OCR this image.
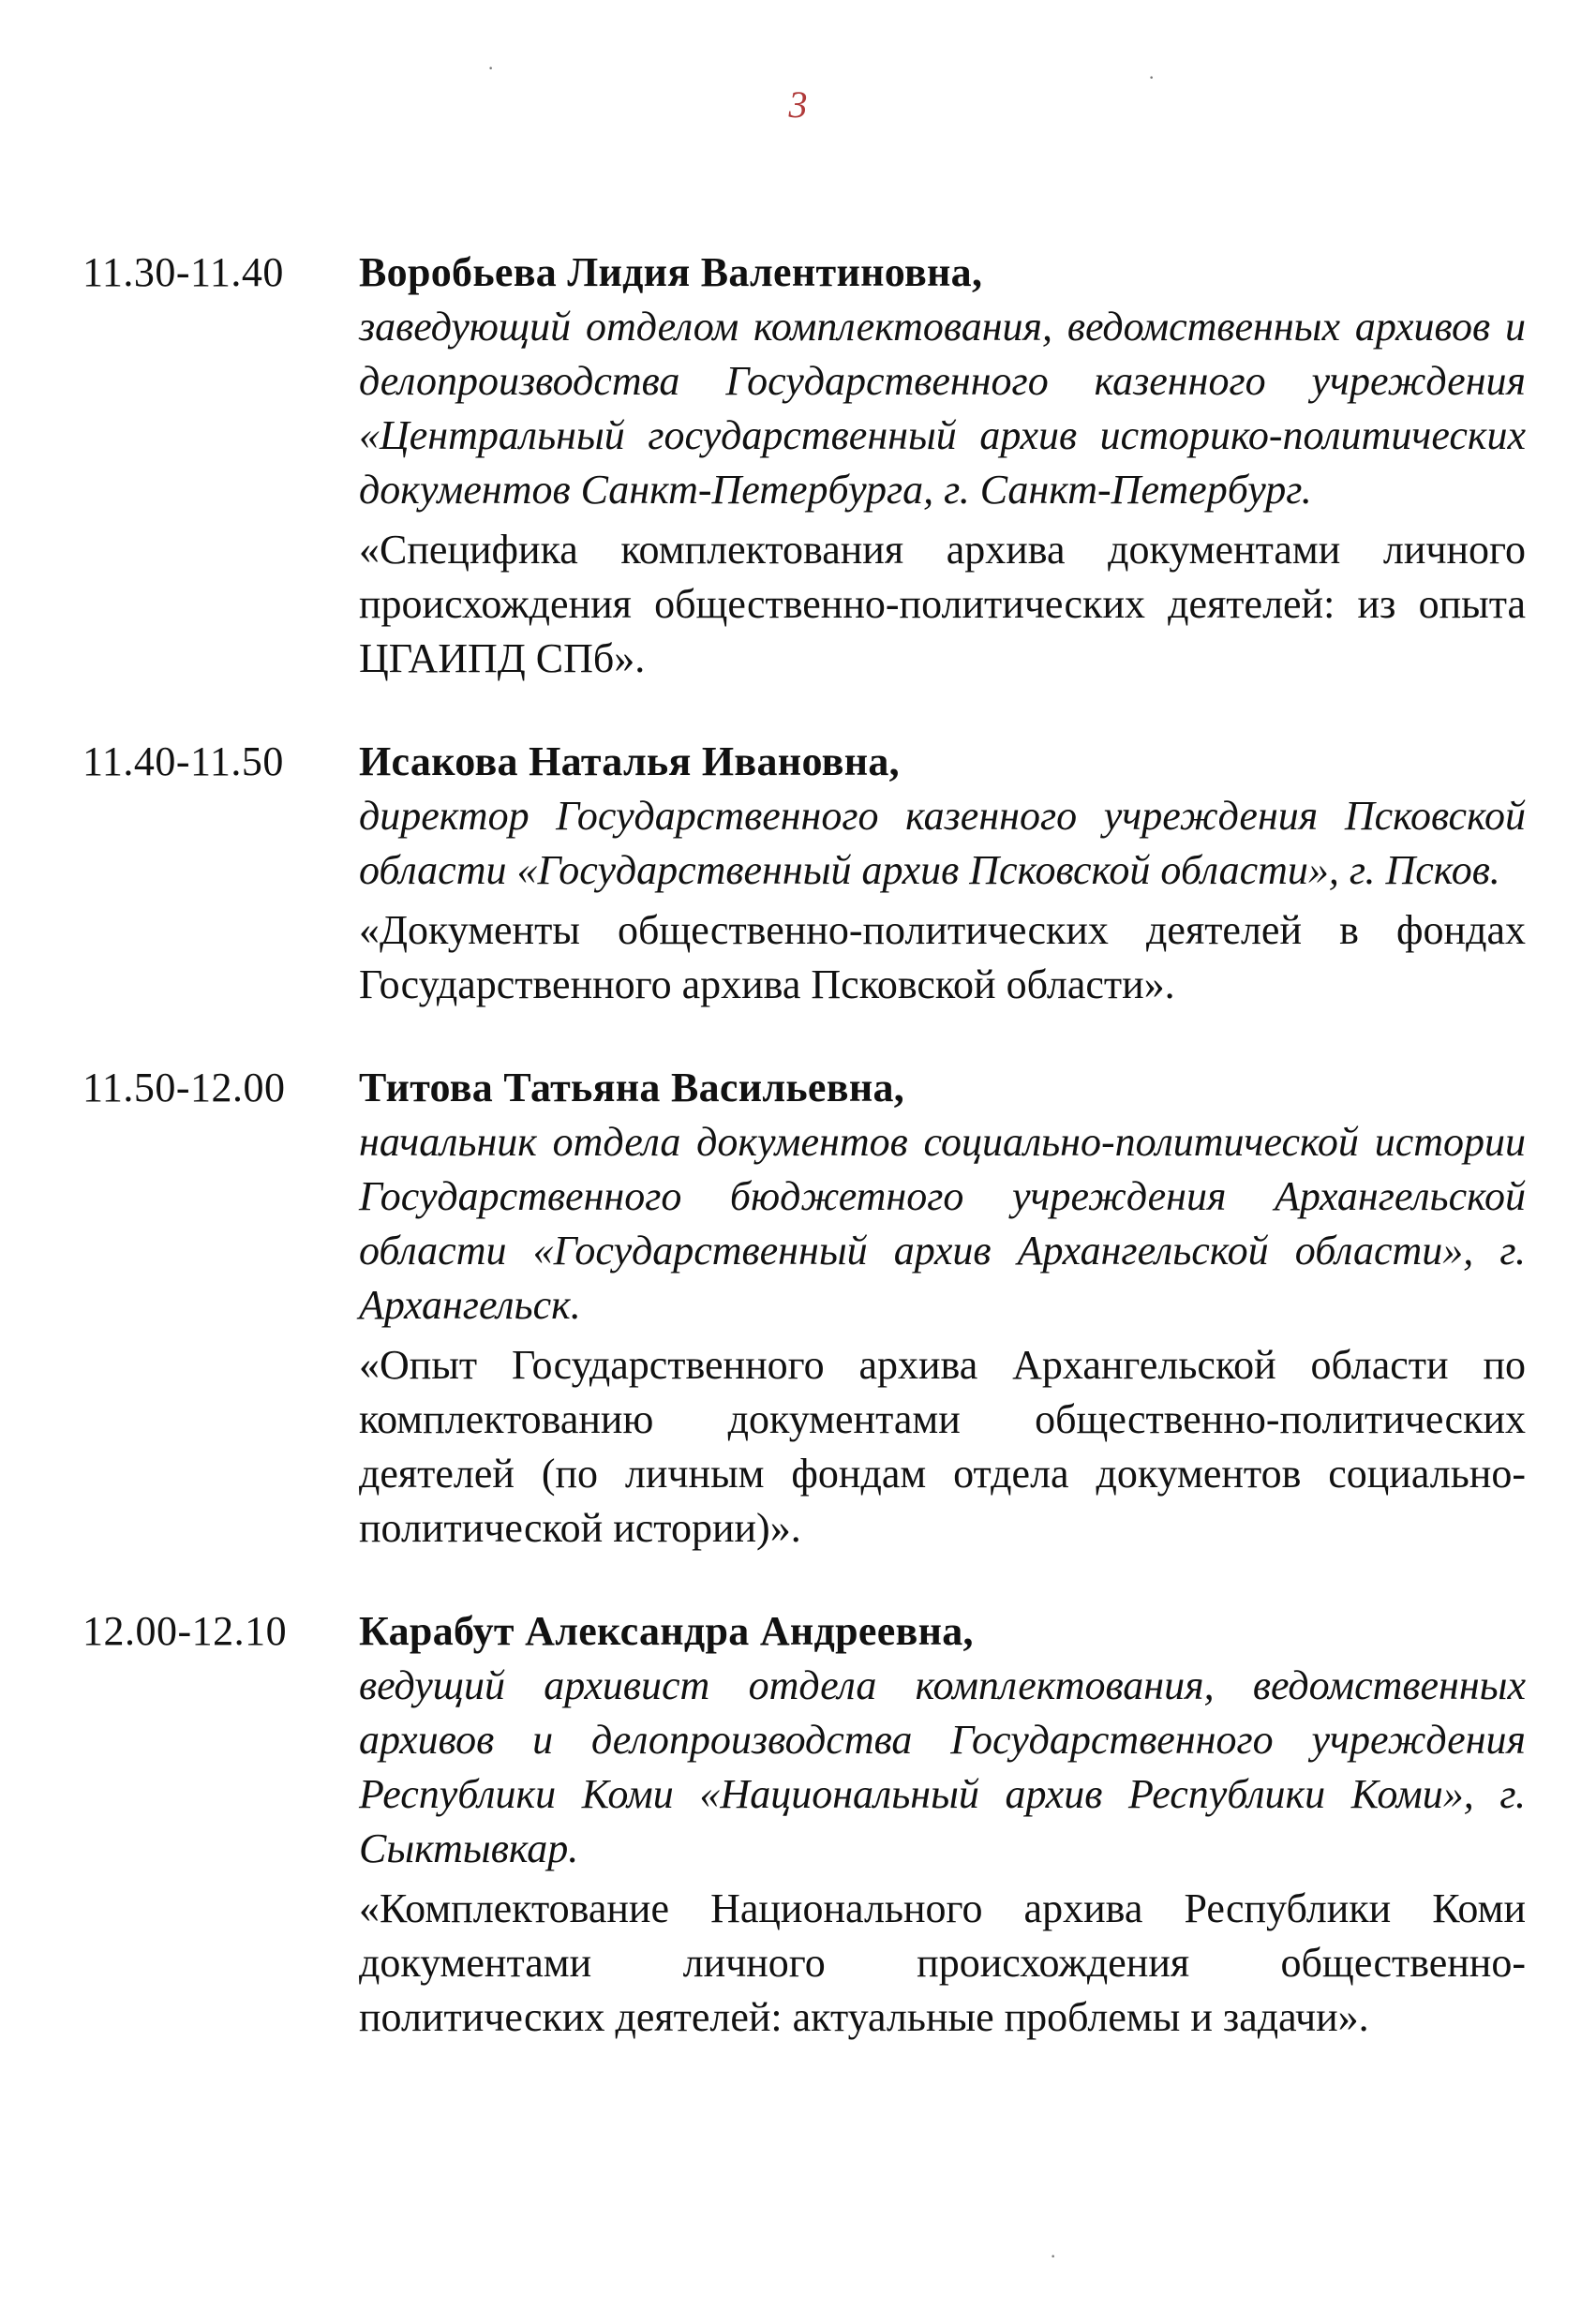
3
·	·
·
11.30-11.40	Воробьева Лидия Валентиновна,
заведующий отделом комплектования, ведомственных архивов и делопроизводства Государственного казенного учреждения «Центральный государственный архив историко-политических документов Санкт-Петербурга, г. Санкт-Петербург.
«Специфика комплектования архива документами личного происхождения общественно-политических деятелей: из опыта ЦГАИПД СПб».
11.40-11.50	Исакова Наталья Ивановна,
директор Государственного казенного учреждения Псковской области «Государственный архив Псковской области», г. Псков.
«Документы общественно-политических деятелей в фондах Государственного архива Псковской области».
11.50-12.00	Титова Татьяна Васильевна,
начальник отдела документов социально-политической истории Государственного бюджетного учреждения Архангельской области «Государственный архив Архангельской области», г. Архангельск.
«Опыт Государственного архива Архангельской области по комплектованию документами общественно-политических деятелей (по личным фондам отдела документов социально-политической истории)».
12.00-12.10	Карабут Александра Андреевна,
ведущий архивист отдела комплектования, ведомственных архивов и делопроизводства Государственного учреждения Республики Коми «Национальный архив Республики Коми», г. Сыктывкар.
«Комплектование Национального архива Республики Коми документами личного происхождения общественно-политических деятелей: актуальные проблемы и задачи».
